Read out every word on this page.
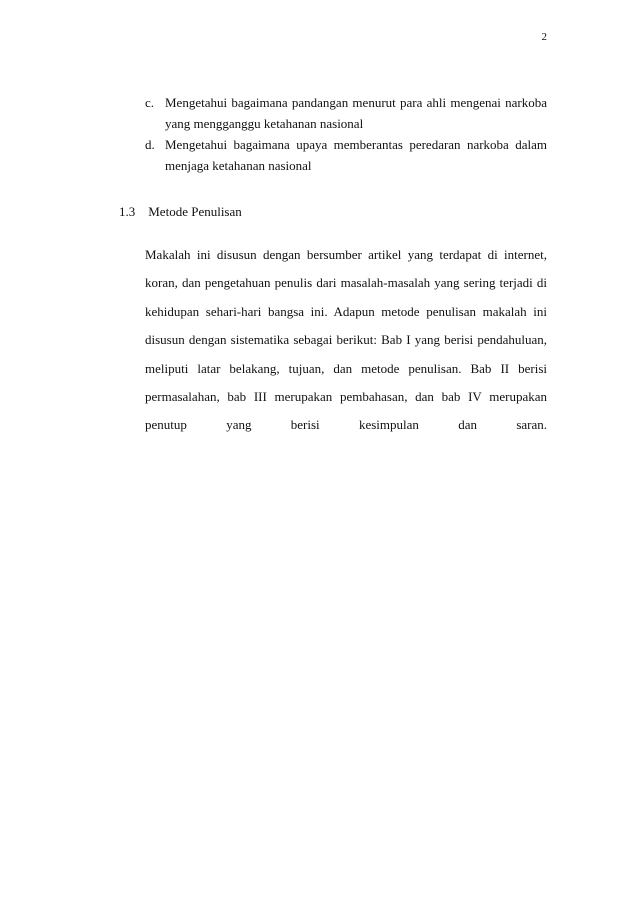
2
c. Mengetahui bagaimana pandangan menurut para ahli mengenai narkoba yang mengganggu ketahanan nasional
d. Mengetahui bagaimana upaya memberantas peredaran narkoba dalam menjaga ketahanan nasional
1.3 Metode Penulisan
Makalah ini disusun dengan bersumber artikel yang terdapat di internet, koran, dan pengetahuan penulis dari masalah-masalah yang sering terjadi di kehidupan sehari-hari bangsa ini. Adapun metode penulisan makalah ini disusun dengan sistematika sebagai berikut: Bab I yang berisi pendahuluan, meliputi latar belakang, tujuan, dan metode penulisan. Bab II berisi permasalahan, bab III merupakan pembahasan, dan bab IV merupakan penutup yang berisi kesimpulan dan saran.
